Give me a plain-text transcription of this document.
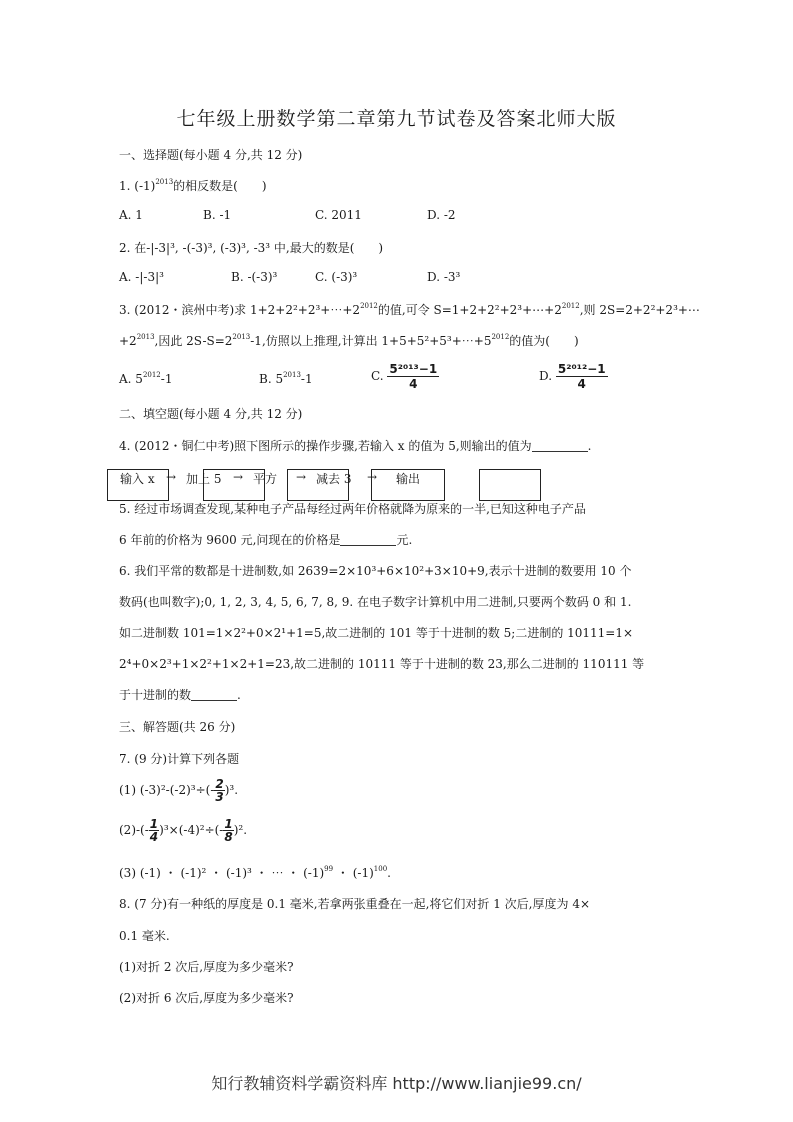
七年级上册数学第二章第九节试卷及答案北师大版
一、选择题(每小题 4 分,共 12 分)
1. $(-1)^{2013}$的相反数是(　　)
A. 1	B. -1	C. 2011	D. -2
2. 在-|-3|³, -(-3)³, (-3)³, -3³ 中,最大的数是(　　)
A. -|-3|³	B. -(-3)³	C. (-3)³	D. -3³
3. (2012・滨州中考)求 $1+2+2^2+2^3+\cdots+2^{2012}$的值,可令 $S=1+2+2^2+2^3+\cdots+2^{2012}$,则 2S=2+2²+2³+⋯
$+2^{2013}$,因此 $2S-S=2^{2013}-1$,仿照以上推理,计算出 $1+5+5^2+5^3+\cdots+5^{2012}$的值为(　　)
A. $5^{2012}-1$	B. $5^{2013}-1$	C. $\frac{\text{5²⁰¹³−1}}{4}$	D. $\frac{\text{5²⁰¹²−1}}{4}$
二、填空题(每小题 4 分,共 12 分)
4. (2012・铜仁中考)照下图所示的操作步骤,若输入 x 的值为 5,则输出的值为	.
输入 x → 加上 5 → 平方 → 减去 3 → 输出
5. 经过市场调查发现,某种电子产品每经过两年价格就降为原来的一半,已知这种电子产品
6 年前的价格为 9600 元,问现在的价格是	元.
6. 我们平常的数都是十进制数,如 2639=2×10³+6×10²+3×10+9,表示十进制的数要用 10 个
数码(也叫数字);0, 1, 2, 3, 4, 5, 6, 7, 8, 9. 在电子数字计算机中用二进制,只要两个数码 0 和 1.
如二进制数 101=1×2²+0×2¹+1=5,故二进制的 101 等于十进制的数 5;二进制的 10111=1×
2⁴+0×2³+1×2²+1×2+1=23,故二进制的 10111 等于十进制的数 23,那么二进制的 110111 等
于十进制的数	.
三、解答题(共 26 分)
7. (9 分)计算下列各题
(1) $(-3)^2-(-2)^3\div(- \frac{2}{3} )^3$.
$(2)-(- \frac{1}{4} )^3\times(-4)^2\div(- \frac{1}{8} )^2$.
(3) (-1) ・ (-1)² ・ (-1)³ ・ ⋯ ・ $(-1)^{99}$ ・ $(-1)^{100}$.
8. (7 分)有一种纸的厚度是 0.1 毫米,若拿两张重叠在一起,将它们对折 1 次后,厚度为 4×
0.1 毫米.
(1)对折 2 次后,厚度为多少毫米?
(2)对折 6 次后,厚度为多少毫米?
知行教辅资料学霸资料库 http://www.lianjie99.cn/
